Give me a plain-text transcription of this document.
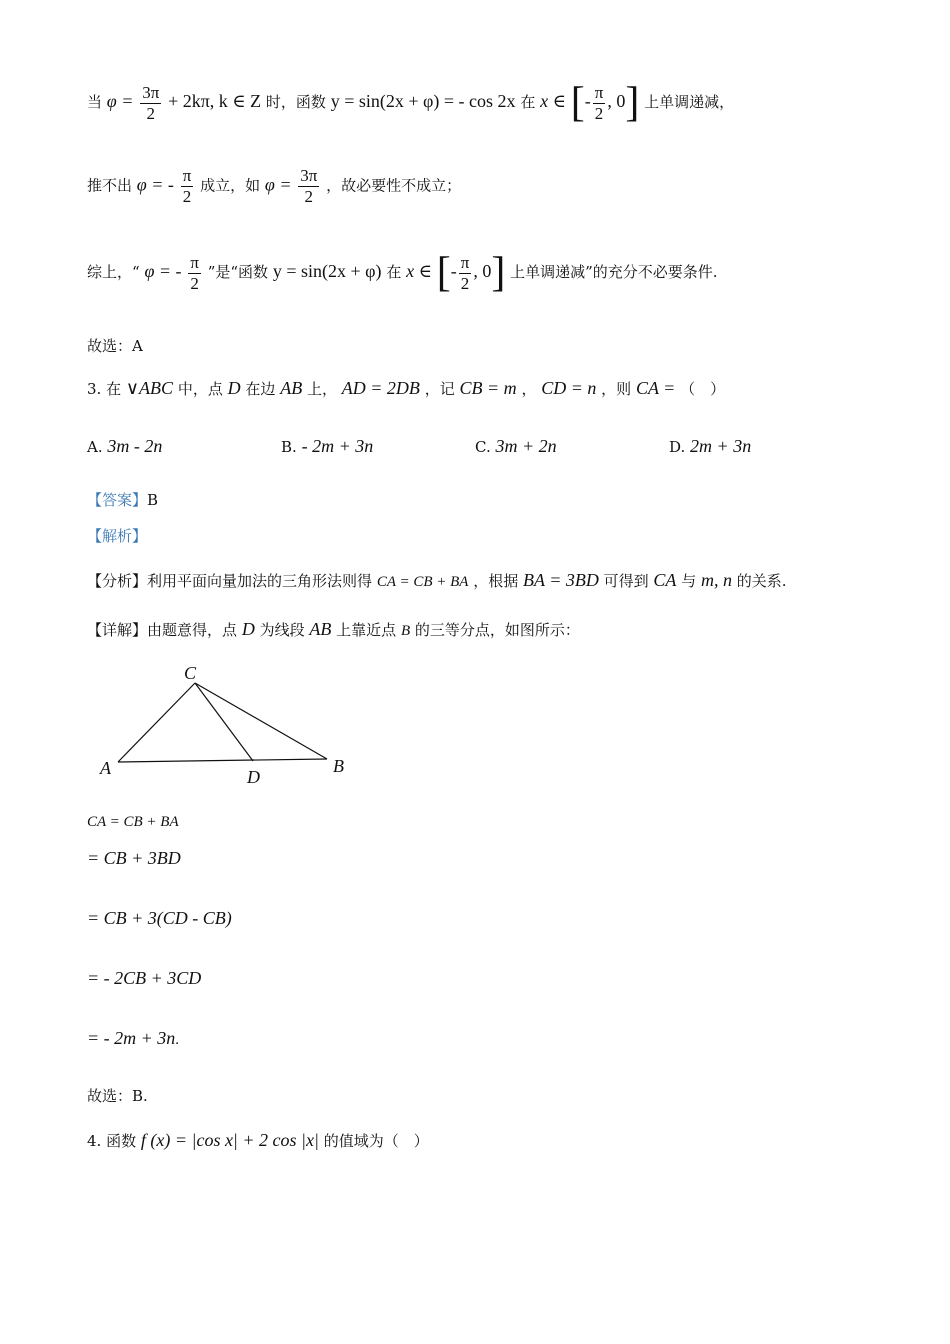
当 $\varphi = \frac{3\pi}{2} + 2k\pi$, k ∈ Z 时，函数 y = sin(2x + φ) = - cos 2x 在 x ∈ [- $\frac{\pi}{2}$ , 0] 上单调递减，
推不出 φ = - $\frac{\pi}{2}$ 成立，如 $\varphi = \frac{3\pi}{2}$ ，故必要性不成立；
综上，“ φ = - $\frac{\pi}{2}$ ”是“函数 y = sin(2x + φ) 在 x ∈ [- $\frac{\pi}{2}$ , 0] 上单调递减”的充分不必要条件.
故选：A
3. 在 ∨ABC 中，点 D 在边 AB 上， AD = 2DB ，记 CB = m ， CD = n ，则 CA = （　）
A. 3m - 2n	B. - 2m + 3n	C. 3m + 2n	D. 2m + 3n
【答案】B
【解析】
【分析】利用平面向量加法的三角形法则得 CA = CB + BA ，根据 BA = 3BD 可得到 CA 与 m, n 的关系.
【详解】由题意得，点 D 为线段 AB 上靠近点 B 的三等分点，如图所示：
C
A	D
B
CA = CB + BA
= CB + 3BD
= CB + 3(CD - CB)
= - 2CB + 3CD
= - 2m + 3n.
故选：B.
4. 函数 f (x) = |cos x| + 2 cos |x| 的值域为（　）
